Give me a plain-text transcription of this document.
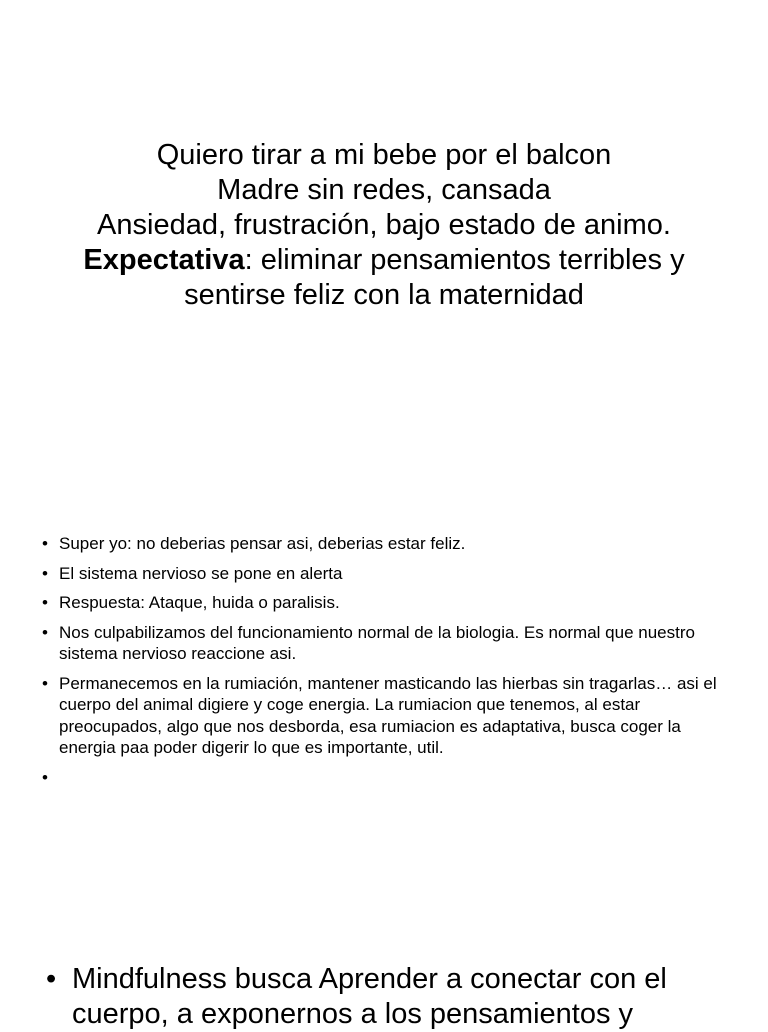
Quiero tirar a mi bebe por el balcon
Madre sin redes, cansada
Ansiedad, frustración, bajo estado de animo.
Expectativa: eliminar pensamientos terribles y
sentirse feliz con la maternidad
• Super yo: no deberias pensar asi, deberias estar feliz.
• El sistema nervioso se pone en alerta
• Respuesta: Ataque, huida o paralisis.
• Nos culpabilizamos del funcionamiento normal de la biologia. Es normal que nuestro sistema nervioso reaccione asi.
• Permanecemos en la rumiación, mantener masticando las hierbas sin tragarlas… asi el cuerpo del animal digiere y coge energia. La rumiacion que tenemos, al estar preocupados, algo que nos desborda, esa rumiacion es adaptativa, busca coger la energia paa poder digerir lo que es importante, util.
•
• Mindfulness busca Aprender a conectar con el cuerpo, a exponernos a los pensamientos y
